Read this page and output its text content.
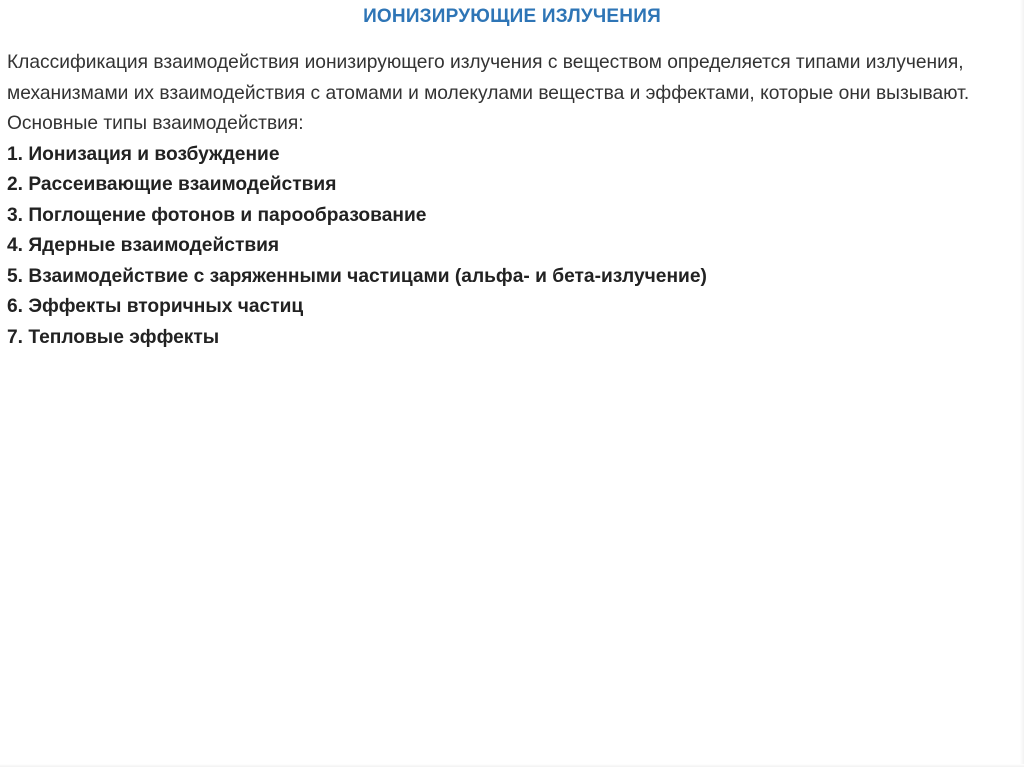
ИОНИЗИРУЮЩИЕ ИЗЛУЧЕНИЯ

Классификация взаимодействия ионизирующего излучения с веществом определяется типами излучения, механизмами их взаимодействия с атомами и молекулами вещества и эффектами, которые они вызывают. Основные типы взаимодействия:

1. Ионизация и возбуждение
2. Рассеивающие взаимодействия
3. Поглощение фотонов и парообразование
4. Ядерные взаимодействия
5. Взаимодействие с заряженными частицами (альфа- и бета-излучение)
6. Эффекты вторичных частиц
7. Тепловые эффекты
